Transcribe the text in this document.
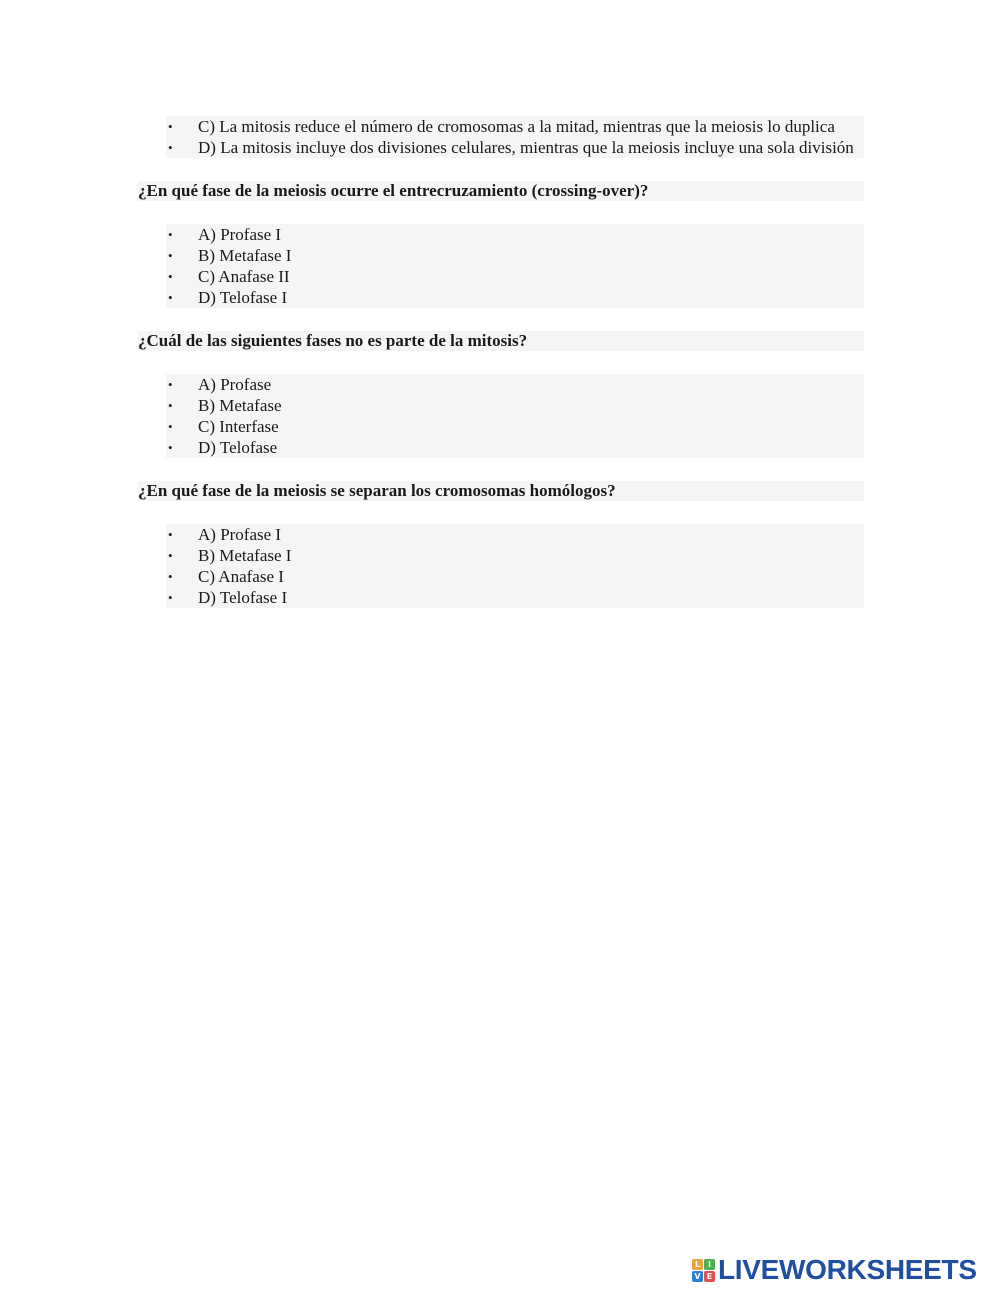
• C) La mitosis reduce el número de cromosomas a la mitad, mientras que la meiosis lo duplica
• D) La mitosis incluye dos divisiones celulares, mientras que la meiosis incluye una sola división
¿En qué fase de la meiosis ocurre el entrecruzamiento (crossing-over)?
• A) Profase I
• B) Metafase I
• C) Anafase II
• D) Telofase I
¿Cuál de las siguientes fases no es parte de la mitosis?
• A) Profase
• B) Metafase
• C) Interfase
• D) Telofase
¿En qué fase de la meiosis se separan los cromosomas homólogos?
• A) Profase I
• B) Metafase I
• C) Anafase I
• D) Telofase I
L I
V E LIVEWORKSHEETS
